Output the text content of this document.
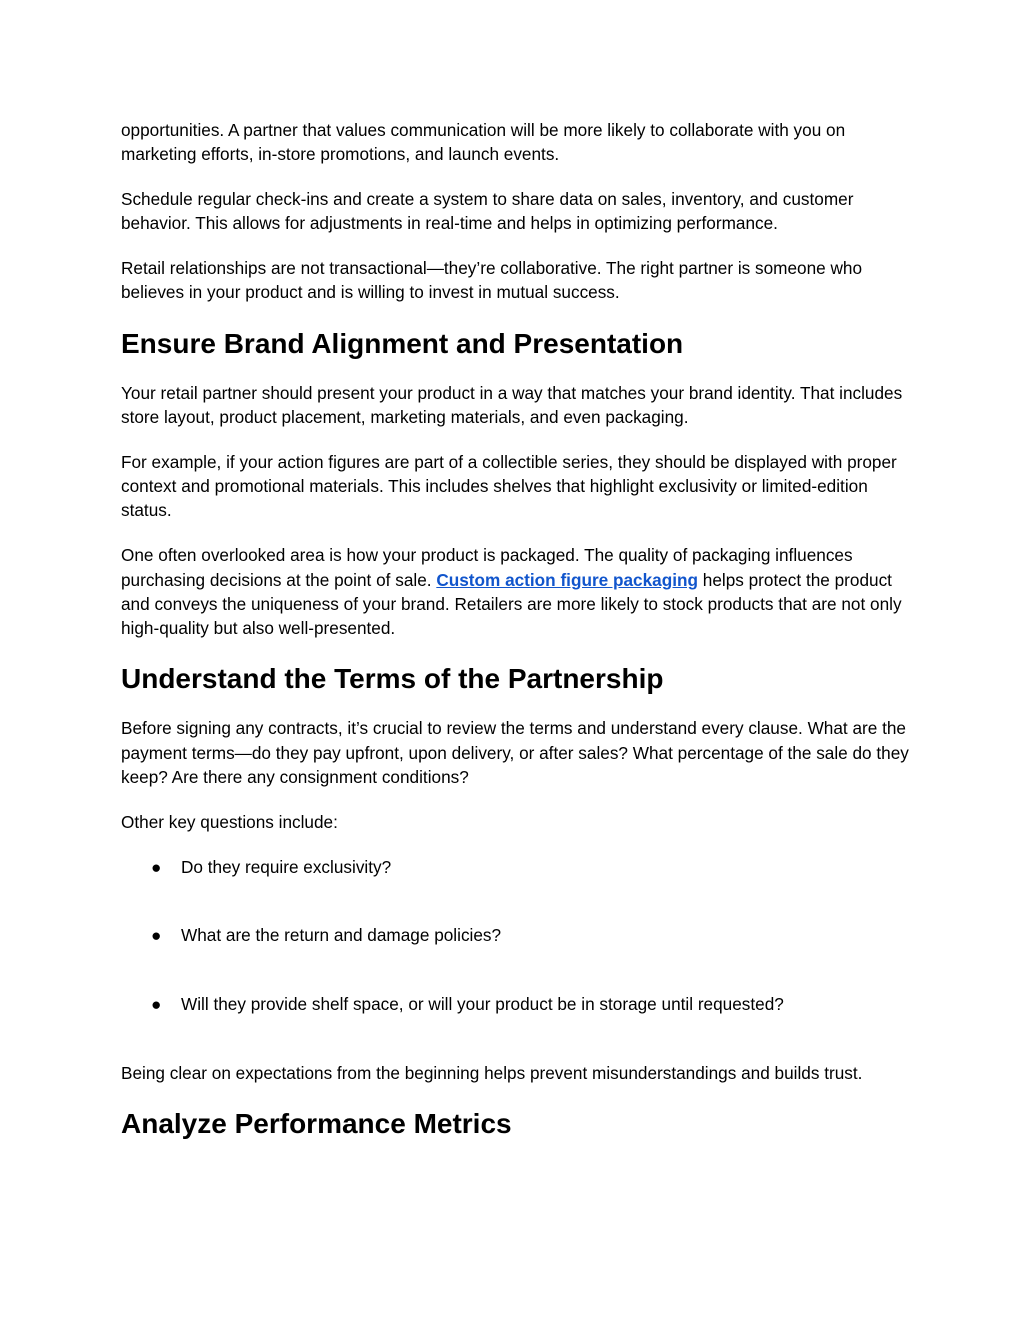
opportunities. A partner that values communication will be more likely to collaborate with you on marketing efforts, in-store promotions, and launch events.

Schedule regular check-ins and create a system to share data on sales, inventory, and customer behavior. This allows for adjustments in real-time and helps in optimizing performance.

Retail relationships are not transactional—they’re collaborative. The right partner is someone who believes in your product and is willing to invest in mutual success.

Ensure Brand Alignment and Presentation

Your retail partner should present your product in a way that matches your brand identity. That includes store layout, product placement, marketing materials, and even packaging.

For example, if your action figures are part of a collectible series, they should be displayed with proper context and promotional materials. This includes shelves that highlight exclusivity or limited-edition status.

One often overlooked area is how your product is packaged. The quality of packaging influences purchasing decisions at the point of sale. Custom action figure packaging helps protect the product and conveys the uniqueness of your brand. Retailers are more likely to stock products that are not only high-quality but also well-presented.

Understand the Terms of the Partnership

Before signing any contracts, it’s crucial to review the terms and understand every clause. What are the payment terms—do they pay upfront, upon delivery, or after sales? What percentage of the sale do they keep? Are there any consignment conditions?

Other key questions include:

● Do they require exclusivity?
● What are the return and damage policies?
● Will they provide shelf space, or will your product be in storage until requested?

Being clear on expectations from the beginning helps prevent misunderstandings and builds trust.

Analyze Performance Metrics
